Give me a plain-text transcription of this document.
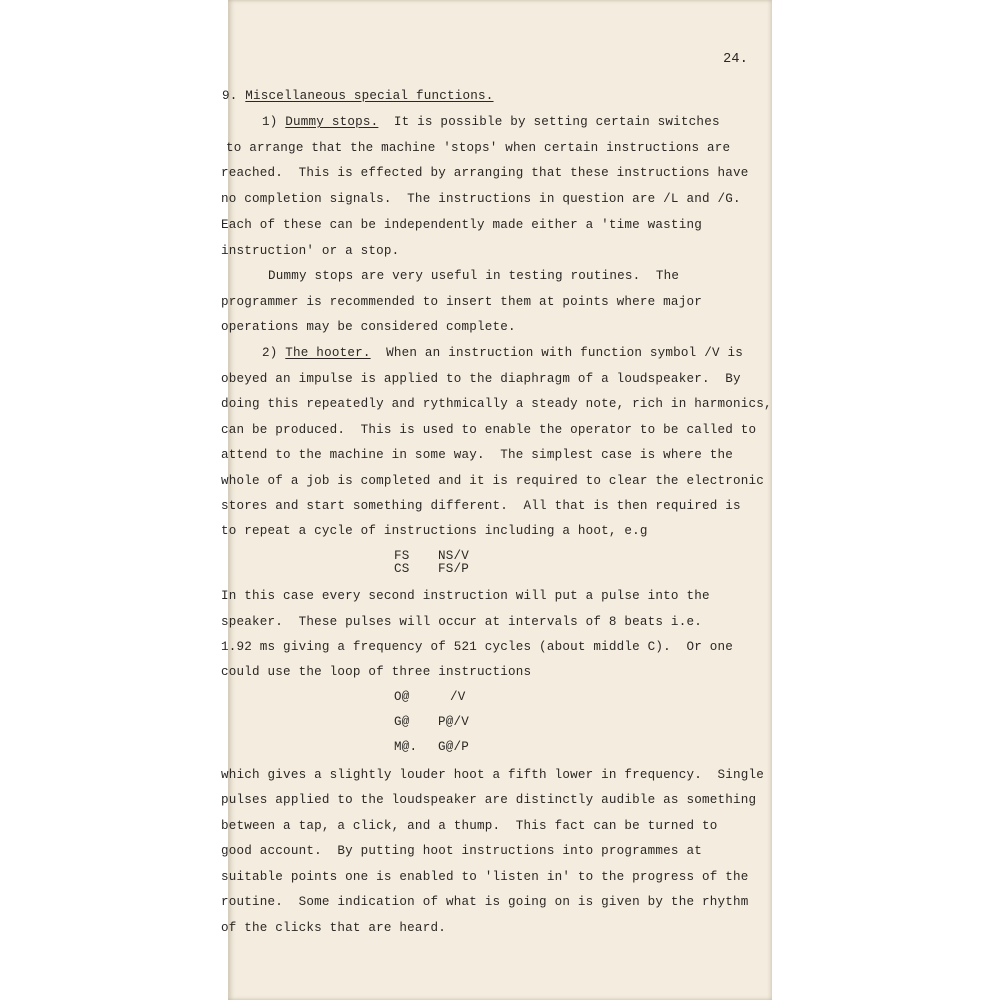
24.
9. Miscellaneous special functions.
1) Dummy stops. It is possible by setting certain switches
to arrange that the machine 'stops' when certain instructions are
reached.  This is effected by arranging that these instructions have
no completion signals.  The instructions in question are /L and /G.
Each of these can be independently made either a 'time wasting
instruction' or a stop.
Dummy stops are very useful in testing routines.  The
programmer is recommended to insert them at points where major
operations may be considered complete.
2) The hooter. When an instruction with function symbol /V is
obeyed an impulse is applied to the diaphragm of a loudspeaker.  By
doing this repeatedly and rythmically a steady note, rich in harmonics,
can be produced.  This is used to enable the operator to be called to
attend to the machine in some way.  The simplest case is where the
whole of a job is completed and it is required to clear the electronic
stores and start something different.  All that is then required is
to repeat a cycle of instructions including a hoot, e.g
FS NS/V
CS FS/P
In this case every second instruction will put a pulse into the
speaker.  These pulses will occur at intervals of 8 beats i.e.
1.92 ms giving a frequency of 521 cycles (about middle C).  Or one
could use the loop of three instructions
O@	/V
G@ P@/V
M@. G@/P
which gives a slightly louder hoot a fifth lower in frequency.  Single
pulses applied to the loudspeaker are distinctly audible as something
between a tap, a click, and a thump.  This fact can be turned to
good account.  By putting hoot instructions into programmes at
suitable points one is enabled to 'listen in' to the progress of the
routine.  Some indication of what is going on is given by the rhythm
of the clicks that are heard.
